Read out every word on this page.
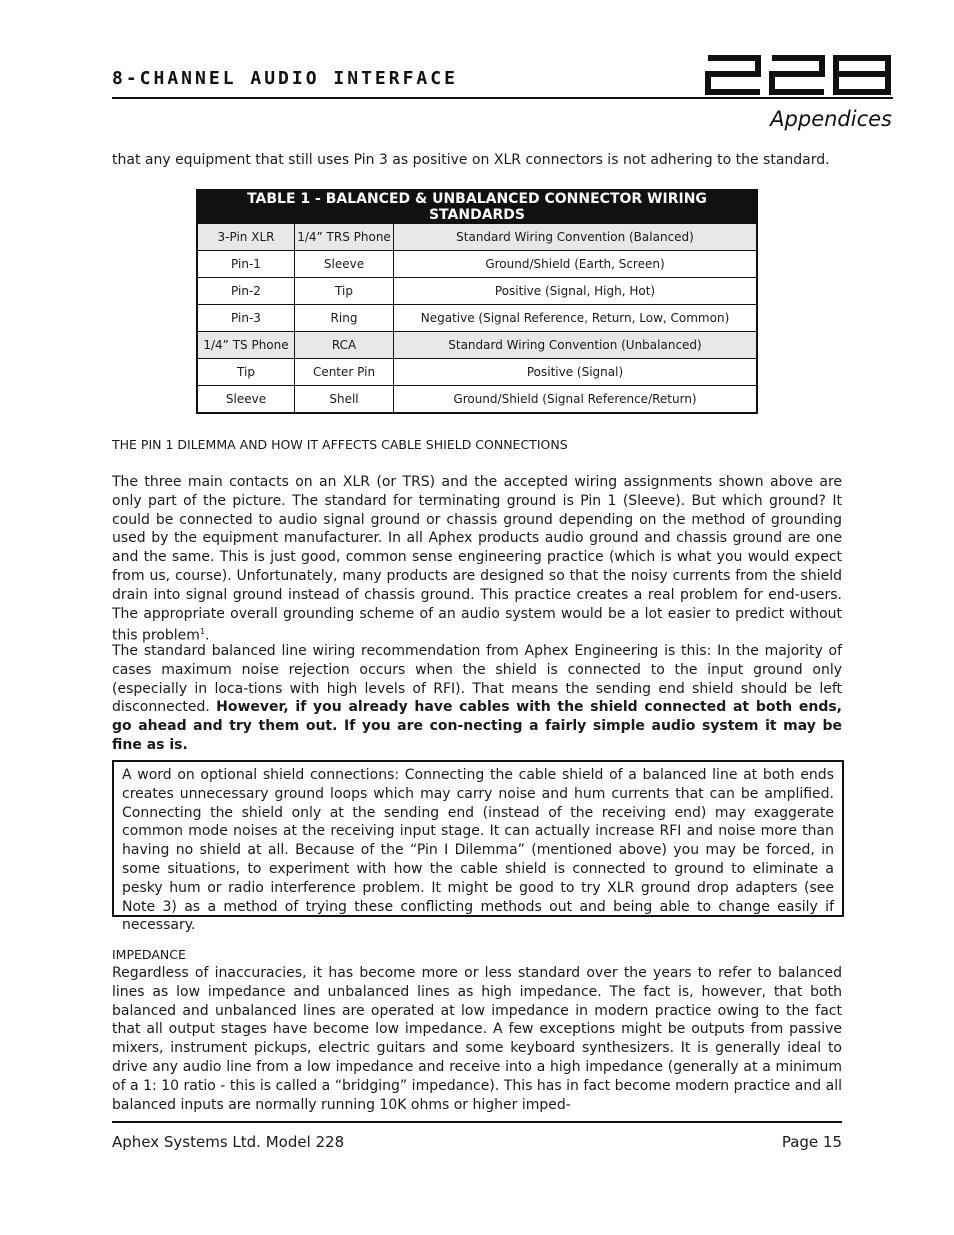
8-CHANNEL AUDIO INTERFACE
Appendices
that any equipment that still uses Pin 3 as positive on XLR connectors is not adhering to the standard.
TABLE 1 - BALANCED & UNBALANCED CONNECTOR WIRING STANDARDS		
3-Pin XLR	1/4” TRS Phone	Standard Wiring Convention (Balanced)
Pin-1	Sleeve	Ground/Shield (Earth, Screen)
Pin-2	Tip	Positive (Signal, High, Hot)
Pin-3	Ring	Negative (Signal Reference, Return, Low, Common)
1/4” TS Phone	RCA	Standard Wiring Convention (Unbalanced)
Tip	Center Pin	Positive (Signal)
Sleeve	Shell	Ground/Shield (Signal Reference/Return)
THE PIN 1 DILEMMA AND HOW IT AFFECTS CABLE SHIELD CONNECTIONS
The three main contacts on an XLR (or TRS) and the accepted wiring assignments shown above are only part of the picture. The standard for terminating ground is Pin 1 (Sleeve). But which ground? It could be connected to audio signal ground or chassis ground depending on the method of grounding used by the equipment manufacturer. In all Aphex products audio ground and chassis ground are one and the same. This is just good, common sense engineering practice (which is what you would expect from us, course). Unfortunately, many products are designed so that the noisy currents from the shield drain into signal ground instead of chassis ground. This practice creates a real problem for end-users. The appropriate overall grounding scheme of an audio system would be a lot easier to predict without this problem$^1$.
The standard balanced line wiring recommendation from Aphex Engineering is this: In the majority of cases maximum noise rejection occurs when the shield is connected to the input ground only (especially in loca-tions with high levels of RFI). That means the sending end shield should be left disconnected. However, if you already have cables with the shield connected at both ends, go ahead and try them out. If you are con-necting a fairly simple audio system it may be fine as is.
A word on optional shield connections: Connecting the cable shield of a balanced line at both ends creates unnecessary ground loops which may carry noise and hum currents that can be amplified. Connecting the shield only at the sending end (instead of the receiving end) may exaggerate common mode noises at the receiving input stage. It can actually increase RFI and noise more than having no shield at all. Because of the “Pin I Dilemma” (mentioned above) you may be forced, in some situations, to experiment with how the cable shield is connected to ground to eliminate a pesky hum or radio interference problem. It might be good to try XLR ground drop adapters (see Note 3) as a method of trying these conflicting methods out and being able to change easily if necessary.
IMPEDANCE
Regardless of inaccuracies, it has become more or less standard over the years to refer to balanced lines as low impedance and unbalanced lines as high impedance. The fact is, however, that both balanced and unbalanced lines are operated at low impedance in modern practice owing to the fact that all output stages have become low impedance. A few exceptions might be outputs from passive mixers, instrument pickups, electric guitars and some keyboard synthesizers. It is generally ideal to drive any audio line from a low impedance and receive into a high impedance (generally at a minimum of a 1: 10 ratio - this is called a “bridging” impedance). This has in fact become modern practice and all balanced inputs are normally running 10K ohms or higher imped-
Aphex Systems Ltd. Model 228	Page 15
